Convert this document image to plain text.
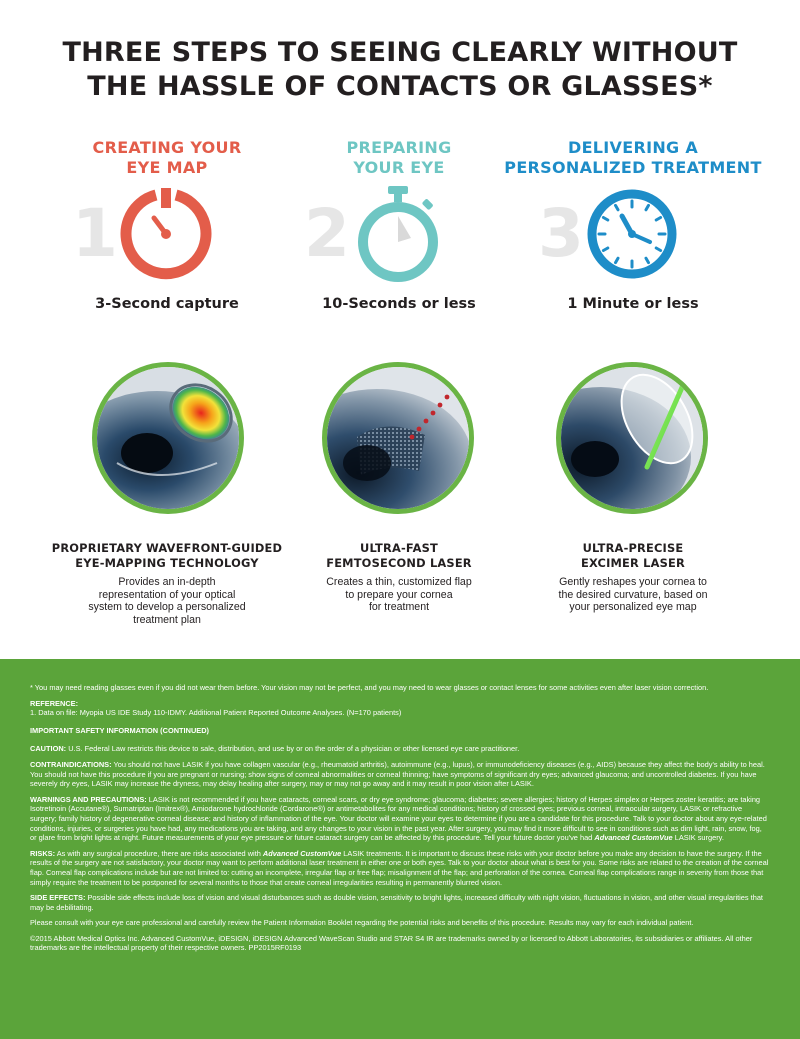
THREE STEPS TO SEEING CLEARLY WITHOUT
THE HASSLE OF CONTACTS OR GLASSES*
CREATING YOUR
EYE MAP
1
3-Second capture
PREPARING
YOUR EYE
2
10-Seconds or less
DELIVERING A
PERSONALIZED TREATMENT
3
1 Minute or less
PROPRIETARY WAVEFRONT-GUIDED
EYE-MAPPING TECHNOLOGY
Provides an in-depth
representation of your optical
system to develop a personalized
treatment plan
ULTRA-FAST
FEMTOSECOND LASER
Creates a thin, customized flap
to prepare your cornea
for treatment
ULTRA-PRECISE
EXCIMER LASER
Gently reshapes your cornea to
the desired curvature, based on
your personalized eye map

* You may need reading glasses even if you did not wear them before. Your vision may not be perfect, and you may need to wear glasses or contact lenses for some activities even after laser vision correction.

REFERENCE:

1. Data on file: Myopia US IDE Study 110-IDMY. Additional Patient Reported Outcome Analyses. (N=170 patients)

IMPORTANT SAFETY INFORMATION (CONTINUED)

CAUTION: U.S. Federal Law restricts this device to sale, distribution, and use by or on the order of a physician or other licensed eye care practitioner.

CONTRAINDICATIONS: You should not have LASIK if you have collagen vascular (e.g., rheumatoid arthritis), autoimmune (e.g., lupus), or immunodeficiency diseases (e.g., AIDS) because they affect the body's ability to heal. You should not have this procedure if you are pregnant or nursing; show signs of corneal abnormalities or corneal thinning; have symptoms of significant dry eyes; advanced glaucoma; and uncontrolled diabetes. If you have severely dry eyes, LASIK may increase the dryness, may delay healing after surgery, may or may not go away and it may result in poor vision after LASIK.

WARNINGS AND PRECAUTIONS: LASIK is not recommended if you have cataracts, corneal scars, or dry eye syndrome; glaucoma; diabetes; severe allergies; history of Herpes simplex or Herpes zoster keratitis; are taking Isotretinoin (Accutane®), Sumatriptan (Imitrex®), Amiodarone hydrochloride (Cordarone®) or antimetabolites for any medical conditions; history of crossed eyes; previous corneal, intraocular surgery, LASIK or refractive surgery; family history of degenerative corneal disease; and history of inflammation of the eye. Your doctor will examine your eyes to determine if you are a candidate for this procedure. Talk to your doctor about any eye-related conditions, injuries, or surgeries you have had, any medications you are taking, and any changes to your vision in the past year. After surgery, you may find it more difficult to see in conditions such as dim light, rain, snow, fog, or glare from bright lights at night. Future measurements of your eye pressure or future cataract surgery can be affected by this procedure. Tell your future doctor you've had Advanced CustomVue LASIK surgery.

RISKS: As with any surgical procedure, there are risks associated with Advanced CustomVue LASIK treatments. It is important to discuss these risks with your doctor before you make any decision to have the surgery. If the results of the surgery are not satisfactory, your doctor may want to perform additional laser treatment in either one or both eyes. Talk to your doctor about what is best for you. Some risks are related to the creation of the corneal flap. Corneal flap complications include but are not limited to: cutting an incomplete, irregular flap or free flap; misalignment of the flap; and perforation of the cornea. Corneal flap complications range in severity from those that simply require the treatment to be postponed for several months to those that create corneal irregularities resulting in permanently blurred vision.

SIDE EFFECTS: Possible side effects include loss of vision and visual disturbances such as double vision, sensitivity to bright lights, increased difficulty with night vision, fluctuations in vision, and other visual irregularities that may be debilitating.

Please consult with your eye care professional and carefully review the Patient Information Booklet regarding the potential risks and benefits of this procedure. Results may vary for each individual patient.

©2015 Abbott Medical Optics Inc. Advanced CustomVue, iDESIGN, iDESIGN Advanced WaveScan Studio and STAR S4 IR are trademarks owned by or licensed to Abbott Laboratories, its subsidiaries or affiliates. All other trademarks are the intellectual property of their respective owners. PP2015RF0193
